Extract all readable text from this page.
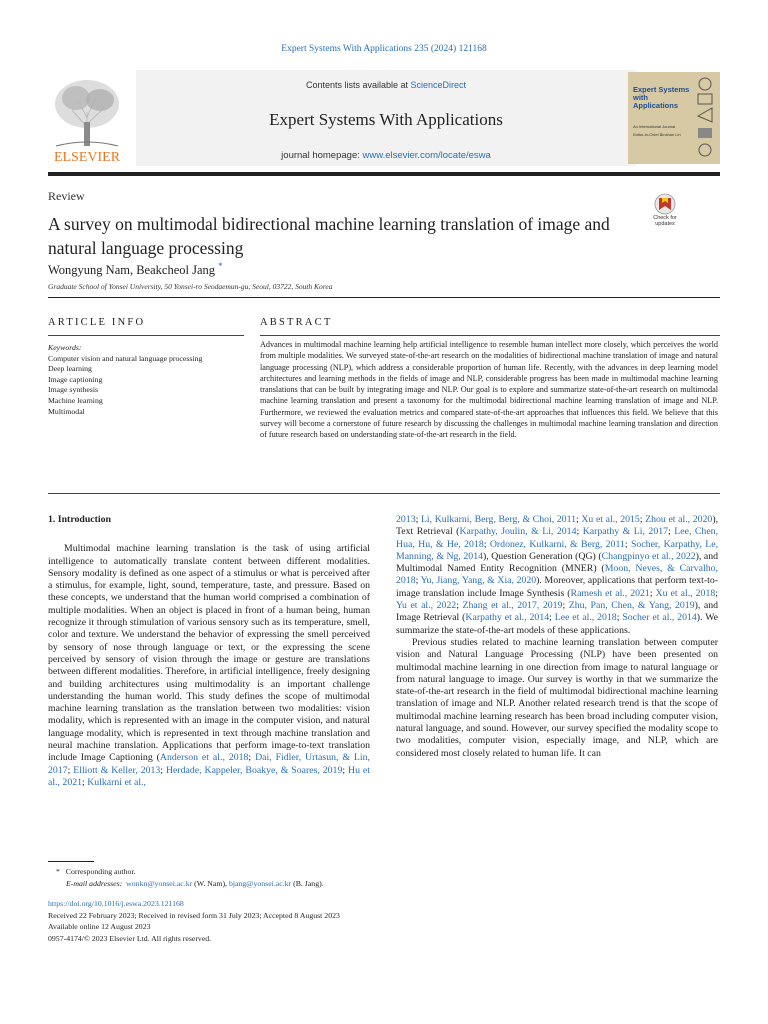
Expert Systems With Applications 235 (2024) 121168
ELSEVIER
Contents lists available at ScienceDirect
Expert Systems With Applications
journal homepage: www.elsevier.com/locate/eswa
Expert Systems with Applications
An International Journal
Editor-in-Chief Binshan Lin
Review
A survey on multimodal bidirectional machine learning translation of image and natural language processing
Wongyung Nam, Beakcheol Jang *
Graduate School of Yonsei University, 50 Yonsei-ro Seodaemun-gu, Seoul, 03722, South Korea
Check for updates
ARTICLE INFO	ABSTRACT
Keywords:
Computer vision and natural language processing
Deep learning
Image captioning
Image synthesis
Machine learning
Multimodal
Advances in multimodal machine learning help artificial intelligence to resemble human intellect more closely, which perceives the world from multiple modalities. We surveyed state-of-the-art research on the modalities of bidirectional machine translation of image and natural language processing (NLP), which address a considerable proportion of human life. Recently, with the advances in deep learning model architectures and learning methods in the fields of image and NLP, considerable progress has been made in multimodal machine learning translations that can be built by integrating image and NLP. Our goal is to explore and summarize state-of-the-art research on multimodal machine learning translation and present a taxonomy for the multimodal bidirectional machine learning translation of image and NLP. Furthermore, we reviewed the evaluation metrics and compared state-of-the-art approaches that influences this field. We believe that this survey will become a cornerstone of future research by discussing the challenges in multimodal machine learning translation and direction of future research based on understanding state-of-the-art research in the field.

1. Introduction

Multimodal machine learning translation is the task of using artificial intelligence to automatically translate content between different modalities. Sensory modality is defined as one aspect of a stimulus or what is perceived after a stimulus, for example, light, sound, temperature, taste, and pressure. Based on these concepts, we understand that the human world comprised a combination of multiple modalities. When an object is placed in front of a human being, human recognize it through stimulation of various sensory such as its temperature, smell, color and texture. We understand the behavior of expressing the smell perceived by sensory of nose through language or text, or the expressing the scene perceived by sensory of vision through the image or gesture are translations between different modalities. Therefore, in artificial intelligence, freely designing and building architectures using multimodality is an important challenge understanding the human world. This study defines the scope of multimodal machine learning translation as the translation between two modalities: vision modality, which is represented with an image in the computer vision, and natural language modality, which is represented in text through machine translation and neural machine translation. Applications that perform image-to-text translation include Image Captioning (Anderson et al., 2018; Dai, Fidler, Urtasun, & Lin, 2017; Elliott & Keller, 2013; Herdade, Kappeler, Boakye, & Soares, 2019; Hu et al., 2021; Kulkarni et al.,

2013; Li, Kulkarni, Berg, Berg, & Choi, 2011; Xu et al., 2015; Zhou et al., 2020), Text Retrieval (Karpathy, Joulin, & Li, 2014; Karpathy & Li, 2017; Lee, Chen, Hua, Hu, & He, 2018; Ordonez, Kulkarni, & Berg, 2011; Socher, Karpathy, Le, Manning, & Ng, 2014), Question Generation (QG) (Changpinyo et al., 2022), and Multimodal Named Entity Recognition (MNER) (Moon, Neves, & Carvalho, 2018; Yu, Jiang, Yang, & Xia, 2020). Moreover, applications that perform text-to-image translation include Image Synthesis (Ramesh et al., 2021; Xu et al., 2018; Yu et al., 2022; Zhang et al., 2017, 2019; Zhu, Pan, Chen, & Yang, 2019), and Image Retrieval (Karpathy et al., 2014; Lee et al., 2018; Socher et al., 2014). We summarize the state-of-the-art models of these applications.

Previous studies related to machine learning translation between computer vision and Natural Language Processing (NLP) have been presented on multimodal machine learning in one direction from image to natural language or from natural language to image. Our survey is worthy in that we summarize the state-of-the-art research in the field of multimodal bidirectional machine learning translation of image and NLP. Another related research trend is that the scope of multimodal machine learning research has been broad including computer vision, natural language, and sound. However, our survey specified the modality scope to two modalities, computer vision, especially image, and NLP, which are considered most closely related to human life. It can

* Corresponding author.
E-mail addresses: wonkn@yonsei.ac.kr (W. Nam), bjang@yonsei.ac.kr (B. Jang).
https://doi.org/10.1016/j.eswa.2023.121168
Received 22 February 2023; Received in revised form 31 July 2023; Accepted 8 August 2023
Available online 12 August 2023
0957-4174/© 2023 Elsevier Ltd. All rights reserved.
